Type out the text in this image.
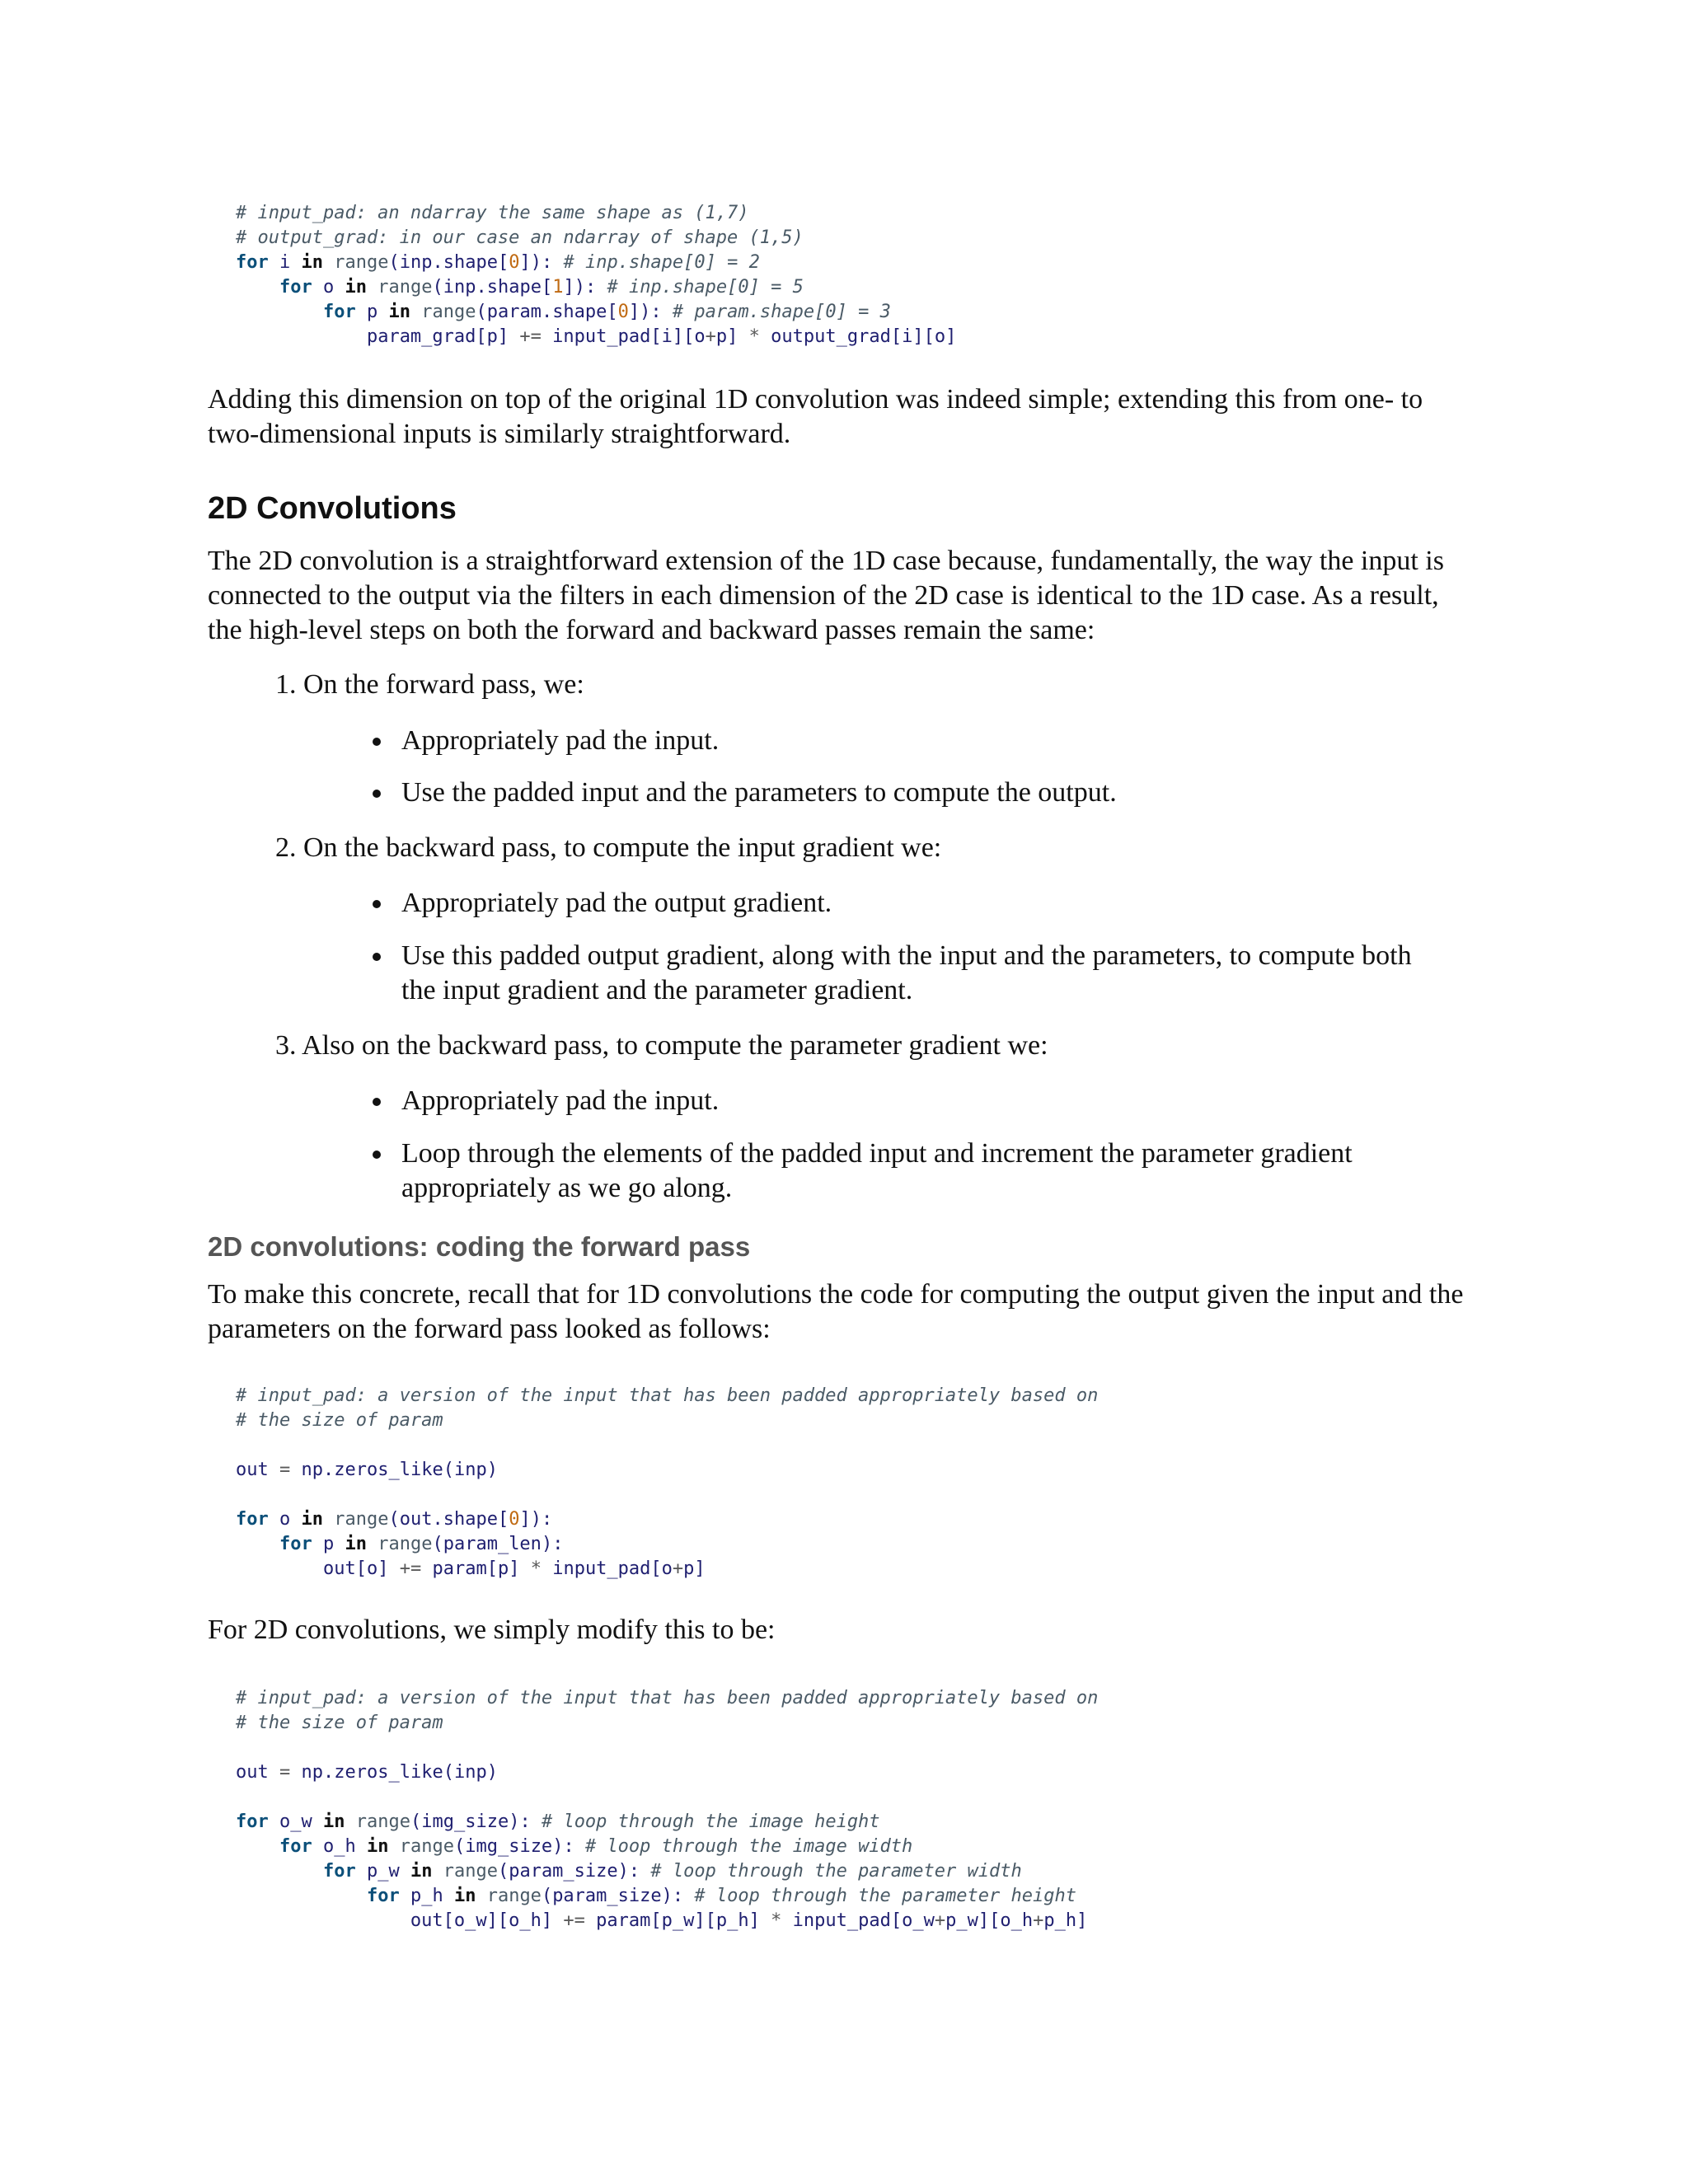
# input_pad: an ndarray the same shape as (1,7)
# output_grad: in our case an ndarray of shape (1,5)
for i in range(inp.shape[0]): # inp.shape[0] = 2
for o in range(inp.shape[1]): # inp.shape[0] = 5
for p in range(param.shape[0]): # param.shape[0] = 3
param_grad[p] += input_pad[i][o+p] * output_grad[i][o]

Adding this dimension on top of the original 1D convolution was indeed simple; extending this from one- to two-dimensional inputs is similarly straightforward.

2D Convolutions

The 2D convolution is a straightforward extension of the 1D case because, fundamentally, the way the input is connected to the output via the filters in each dimension of the 2D case is identical to the 1D case. As a result, the high-level steps on both the forward and backward passes remain the same:

1. On the forward pass, we:

Appropriately pad the input.
Use the padded input and the parameters to compute the output.

2. On the backward pass, to compute the input gradient we:

Appropriately pad the output gradient.
Use this padded output gradient, along with the input and the parameters, to compute both the input gradient and the parameter gradient.

3. Also on the backward pass, to compute the parameter gradient we:

Appropriately pad the input.
Loop through the elements of the padded input and increment the parameter gradient appropriately as we go along.
2D convolutions: coding the forward pass

To make this concrete, recall that for 1D convolutions the code for computing the output given the input and the parameters on the forward pass looked as follows:

# input_pad: a version of the input that has been padded appropriately based on
# the size of param
out = np.zeros_like(inp)
for o in range(out.shape[0]):
for p in range(param_len):
out[o] += param[p] * input_pad[o+p]

For 2D convolutions, we simply modify this to be:

# input_pad: a version of the input that has been padded appropriately based on
# the size of param
out = np.zeros_like(inp)
for o_w in range(img_size): # loop through the image height
for o_h in range(img_size): # loop through the image width
for p_w in range(param_size): # loop through the parameter width
for p_h in range(param_size): # loop through the parameter height
out[o_w][o_h] += param[p_w][p_h] * input_pad[o_w+p_w][o_h+p_h]
